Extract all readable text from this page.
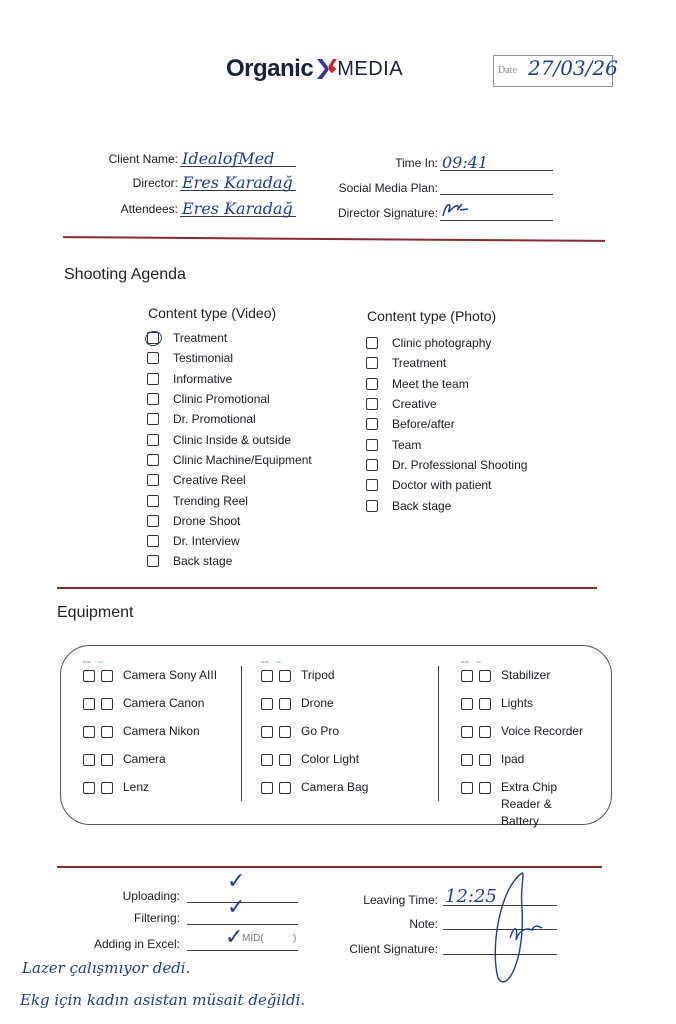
Organic MEDIA	Date 27/03/26
Client Name: IdealofMed
Director: Eres Karadağ
Attendees: Eres Karadağ
Time In: 09:41
Social Media Plan:
Director Signature:
Shooting Agenda
Content type (Video)
Treatment
Testimonial
Informative
Clinic Promotional
Dr. Promotional
Clinic Inside & outside
Clinic Machine/Equipment
Creative Reel
Trending Reel
Drone Shoot
Dr. Interview
Back stage
Content type (Photo)
Clinic photography
Treatment
Meet the team
Creative
Before/after
Team
Dr. Professional Shooting
Doctor with patient
Back stage
Equipment
OUTs	INs
Camera Sony AIII
Camera Canon
Camera Nikon
Camera
Lenz
OUTs	INs
Tripod
Drone
Go Pro
Color Light
Camera Bag
OUTs	INs
Stabilizer
Lights
Voice Recorder
Ipad
Extra Chip Reader & Battery
Uploading:
✓
Filtering: ✓
Adding in Excel: ✓
MID(	)
Leaving Time: 12:25
Note:
Client Signature:
Lazer çalışmıyor dedi.
Ekg için kadın asistan müsait değildi.
